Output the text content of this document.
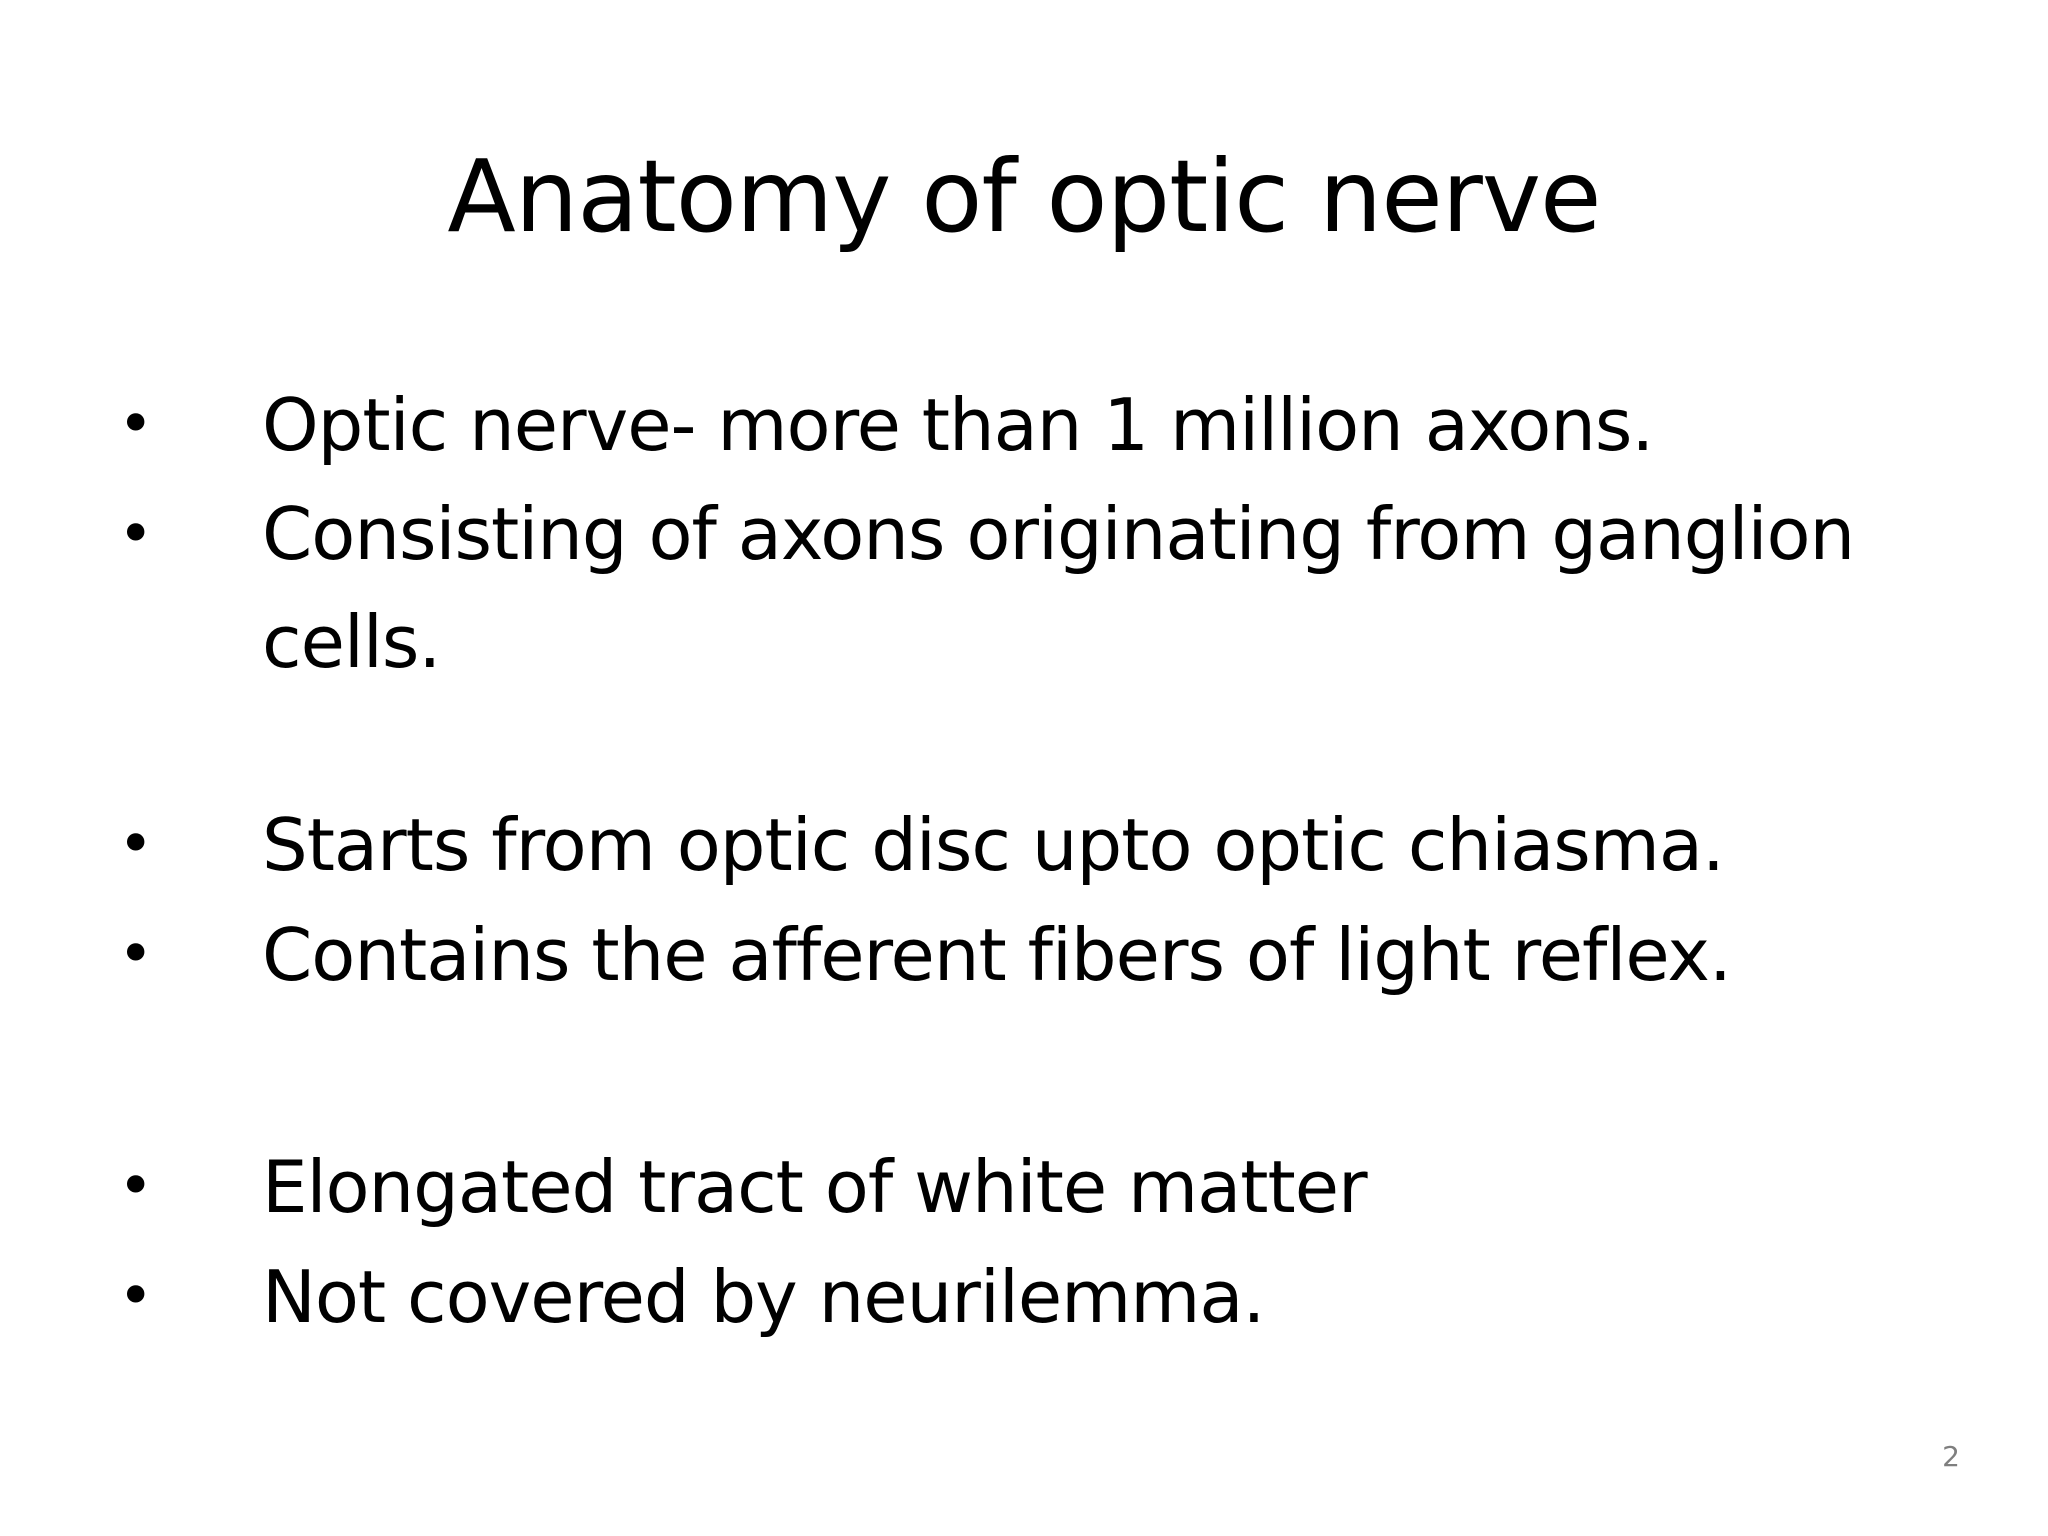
Anatomy of optic nerve
• Optic nerve- more than 1 million axons.
• Consisting of axons originating from ganglion cells.
• Starts from optic disc upto optic chiasma.
• Contains the afferent fibers of light reflex.
• Elongated tract of white matter
• Not covered by neurilemma.
2
